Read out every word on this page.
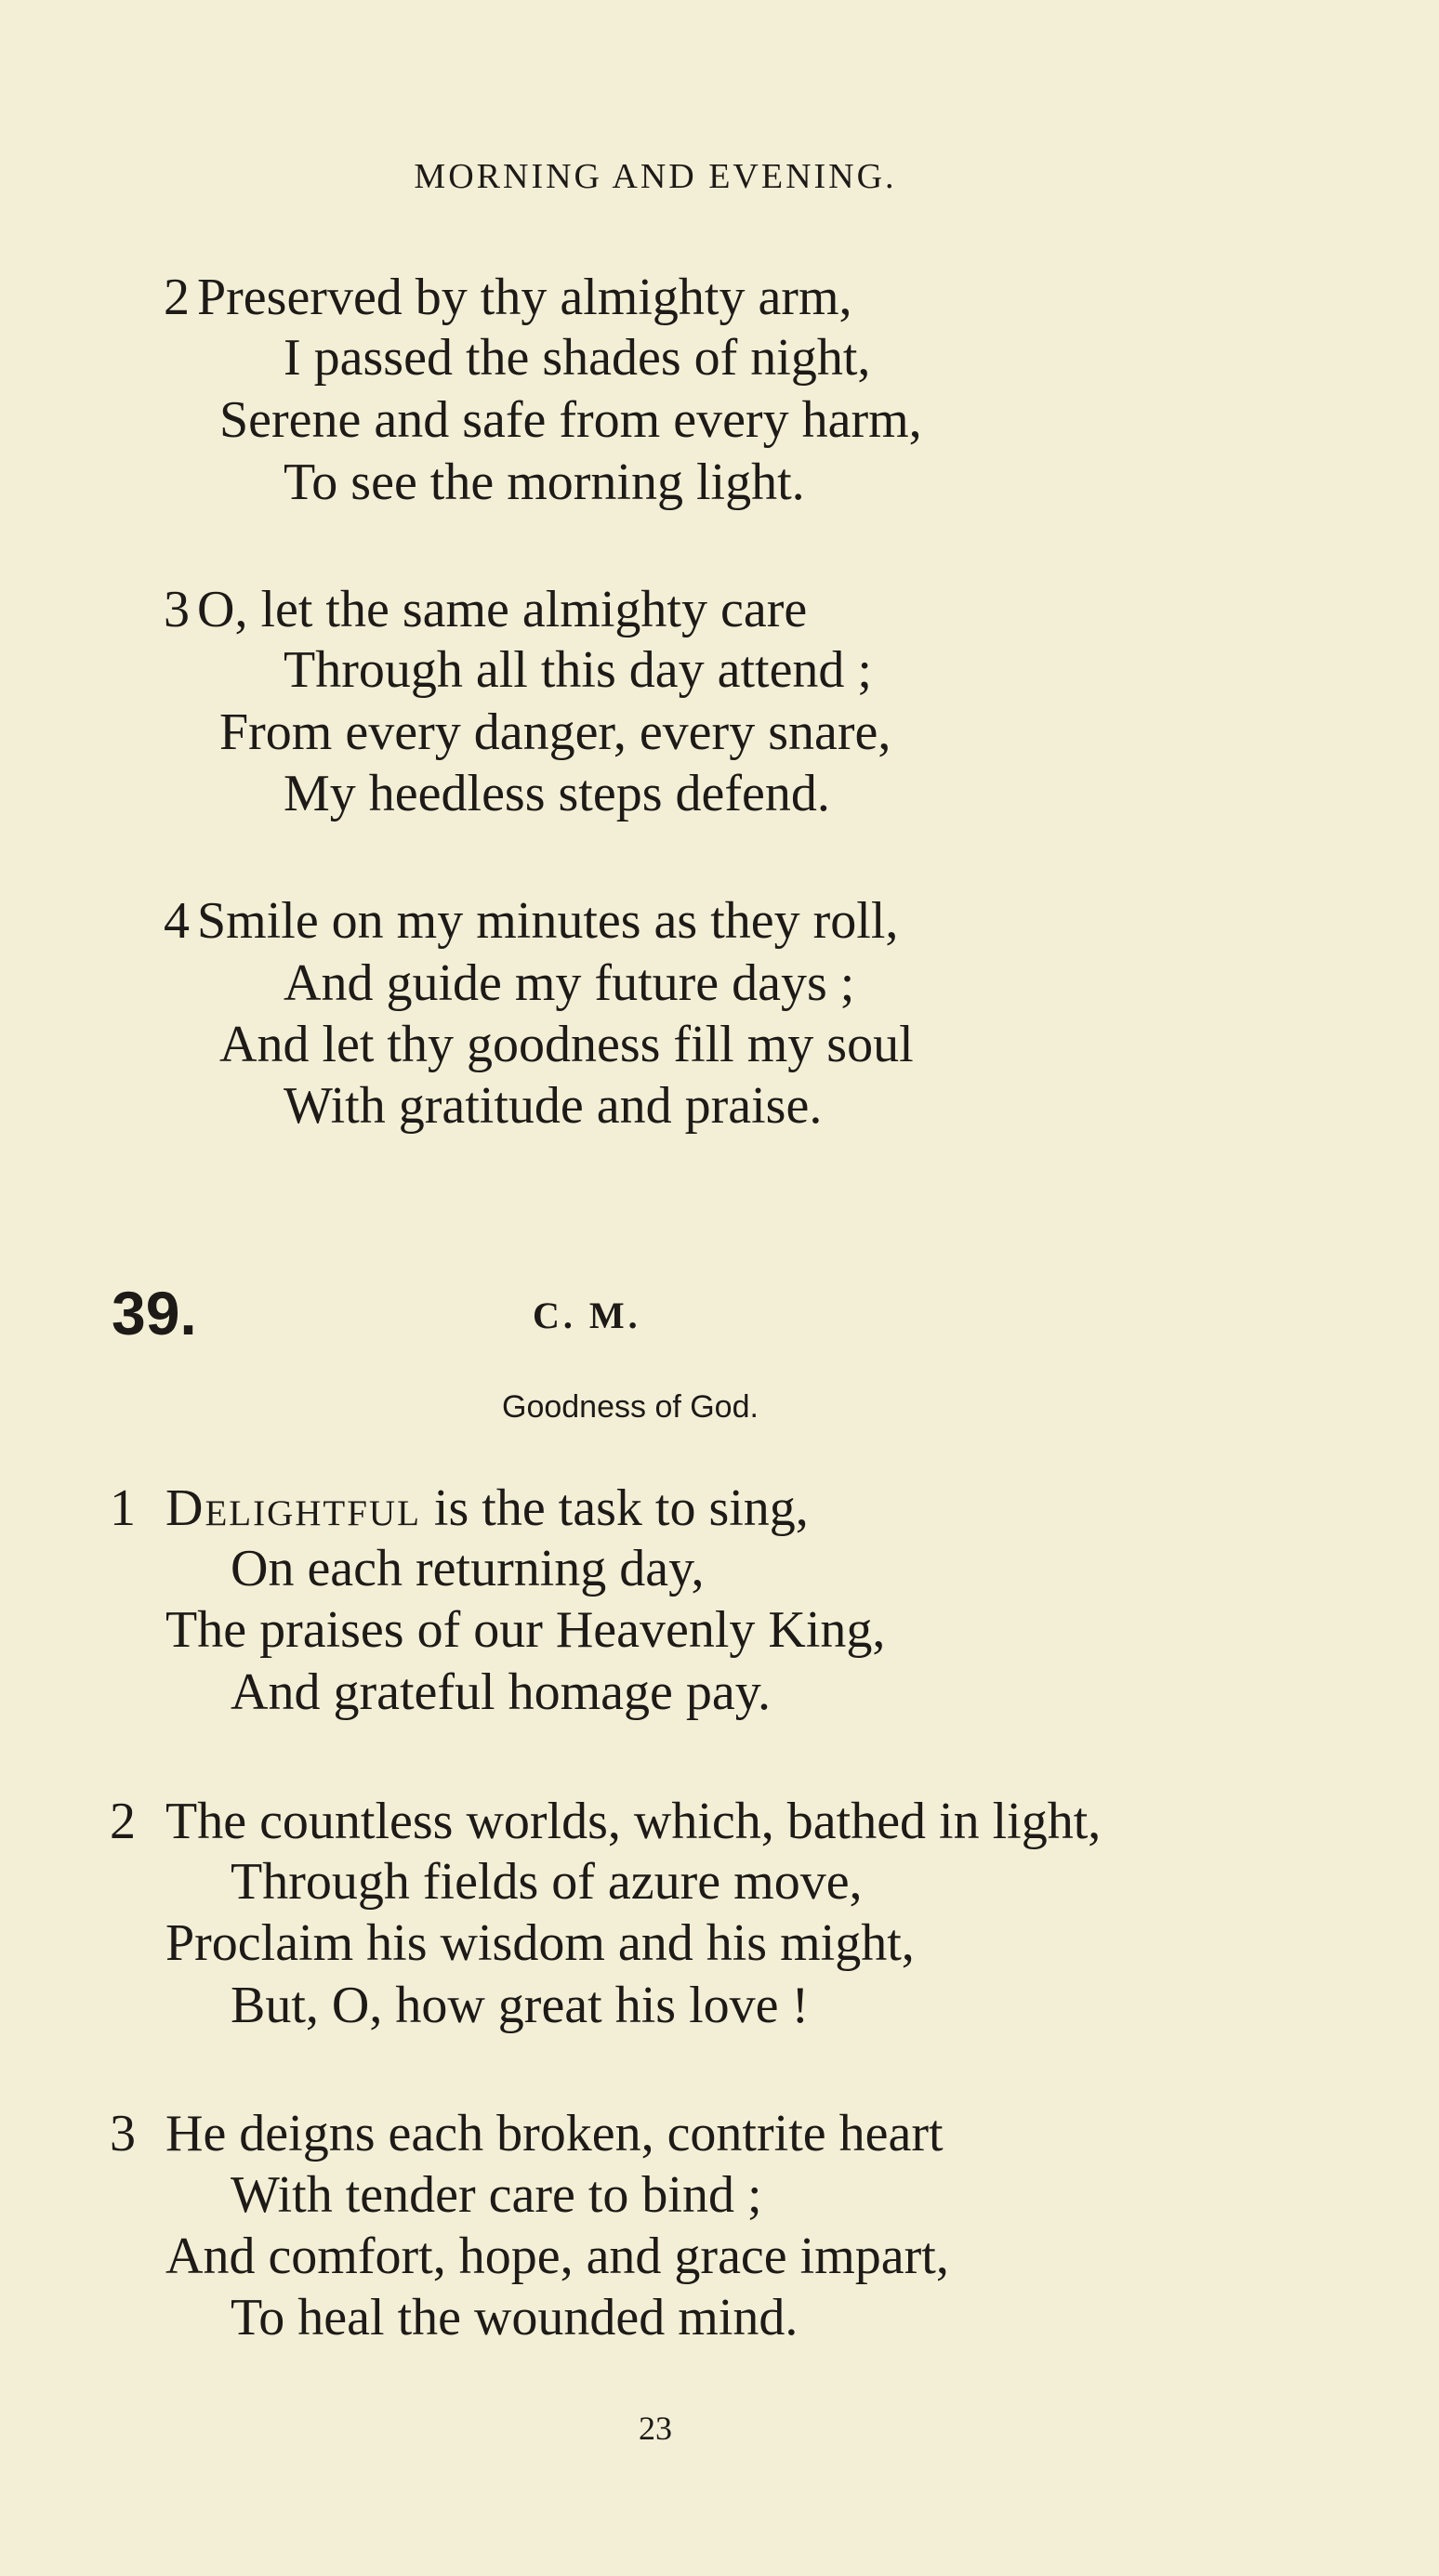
MORNING AND EVENING.
2 Preserved by thy almighty arm,
I passed the shades of night,
Serene and safe from every harm,
To see the morning light.
3 O, let the same almighty care
Through all this day attend ;
From every danger, every snare,
My heedless steps defend.
4 Smile on my minutes as they roll,
And guide my future days ;
And let thy goodness fill my soul
With gratitude and praise.
39.	C. M.
Goodness of God.
1 Delightful is the task to sing,
On each returning day,
The praises of our Heavenly King,
And grateful homage pay.
2 The countless worlds, which, bathed in light,
Through fields of azure move,
Proclaim his wisdom and his might,
But, O, how great his love !
3 He deigns each broken, contrite heart
With tender care to bind ;
And comfort, hope, and grace impart,
To heal the wounded mind.
23
